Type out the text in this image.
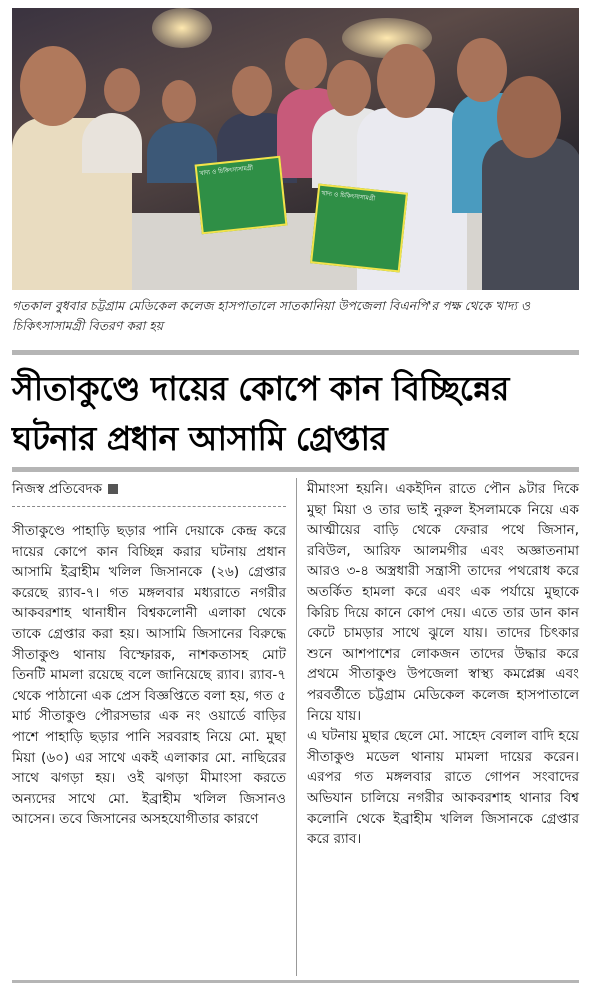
খাদ্য ও চিকিৎসাসামগ্রী
খাদ্য ও চিকিৎসাসামগ্রী
গতকাল বুধবার চট্টগ্রাম মেডিকেল কলেজ হাসপাতালে সাতকানিয়া উপজেলা বিএনপি'র পক্ষ থেকে খাদ্য ও চিকিৎসাসামগ্রী বিতরণ করা হয়
সীতাকুণ্ডে দায়ের কোপে কান বিচ্ছিন্নের ঘটনার প্রধান আসামি গ্রেপ্তার
নিজস্ব প্রতিবেদক
সীতাকুণ্ডে পাহাড়ি ছড়ার পানি দেয়াকে কেন্দ্র করে দায়ের কোপে কান বিচ্ছিন্ন করার ঘটনায় প্রধান আসামি ইব্রাহীম খলিল জিসানকে (২৬) গ্রেপ্তার করেছে র‌্যাব-৭। গত মঙ্গলবার মধ্যরাতে নগরীর আকবরশাহ থানাধীন বিশ্বকলোনী এলাকা থেকে তাকে গ্রেপ্তার করা হয়। আসামি জিসানের বিরুদ্ধে সীতাকুণ্ড থানায় বিস্ফোরক, নাশকতাসহ মোট তিনটি মামলা রয়েছে বলে জানিয়েছে র‌্যাব। র‌্যাব-৭ থেকে পাঠানো এক প্রেস বিজ্ঞপ্তিতে বলা হয়, গত ৫ মার্চ সীতাকুণ্ড পৌরসভার এক নং ওয়ার্ডে বাড়ির পাশে পাহাড়ি ছড়ার পানি সরবরাহ নিয়ে মো. মুছা মিয়া (৬০) এর সাথে একই এলাকার মো. নাছিরের সাথে ঝগড়া হয়। ওই ঝগড়া মীমাংসা করতে অন্যদের সাথে মো. ইব্রাহীম খলিল জিসানও আসেন। তবে জিসানের অসহযোগীতার কারণে
মীমাংসা হয়নি। একইদিন রাতে পৌন ৯টার দিকে মুছা মিয়া ও তার ভাই নুরুল ইসলামকে নিয়ে এক আত্মীয়ের বাড়ি থেকে ফেরার পথে জিসান, রবিউল, আরিফ আলমগীর এবং অজ্ঞাতনামা আরও ৩-৪ অস্ত্রধারী সন্ত্রাসী তাদের পথরোধ করে অতর্কিত হামলা করে এবং এক পর্যায়ে মুছাকে কিরিচ দিয়ে কানে কোপ দেয়। এতে তার ডান কান কেটে চামড়ার সাথে ঝুলে যায়। তাদের চিৎকার শুনে আশপাশের লোকজন তাদের উদ্ধার করে প্রথমে সীতাকুণ্ড উপজেলা স্বাস্থ্য কমপ্লেক্স এবং পরবর্তীতে চট্টগ্রাম মেডিকেল কলেজ হাসপাতালে নিয়ে যায়।
এ ঘটনায় মুছার ছেলে মো. সাহেদ বেলাল বাদি হয়ে সীতাকুণ্ড মডেল থানায় মামলা দায়ের করেন। এরপর গত মঙ্গলবার রাতে গোপন সংবাদের অভিযান চালিয়ে নগরীর আকবরশাহ থানার বিশ্ব কলোনি থেকে ইব্রাহীম খলিল জিসানকে গ্রেপ্তার করে র‌্যাব।
